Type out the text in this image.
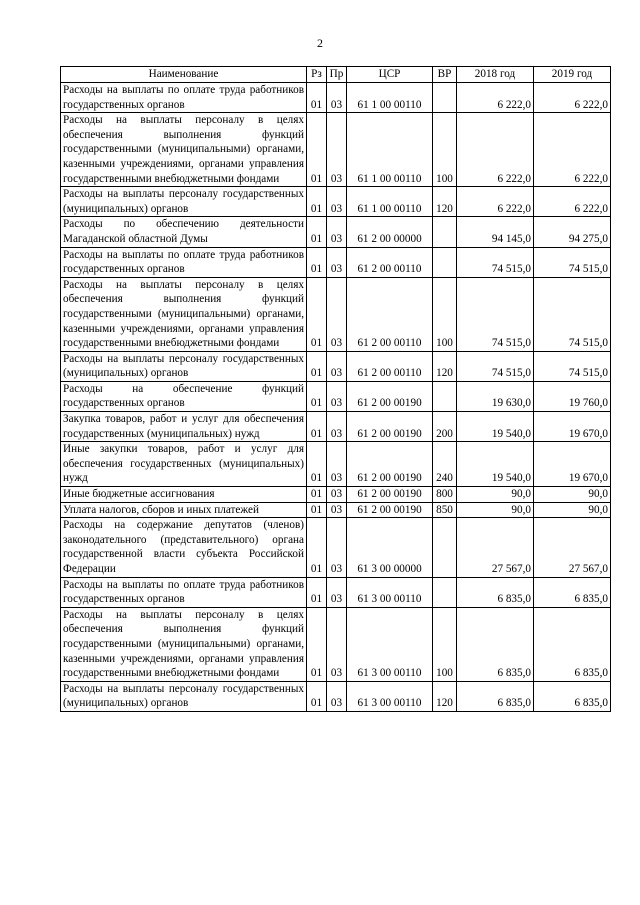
2
Наименование	Рз	Пр	ЦСР	ВР	2018 год	2019 год
Расходы на выплаты по оплате труда работников государственных органов	01	03	61 1 00 00110		6 222,0	6 222,0
Расходы на выплаты персоналу в целях обеспечения выполнения функций государственными (муниципальными) органами, казенными учреждениями, органами управления государственными внебюджетными фондами	01	03	61 1 00 00110	100	6 222,0	6 222,0
Расходы на выплаты персоналу государственных (муниципальных) органов	01	03	61 1 00 00110	120	6 222,0	6 222,0
Расходы по обеспечению деятельности Магаданской областной Думы	01	03	61 2 00 00000		94 145,0	94 275,0
Расходы на выплаты по оплате труда работников государственных органов	01	03	61 2 00 00110		74 515,0	74 515,0
Расходы на выплаты персоналу в целях обеспечения выполнения функций государственными (муниципальными) органами, казенными учреждениями, органами управления государственными внебюджетными фондами	01	03	61 2 00 00110	100	74 515,0	74 515,0
Расходы на выплаты персоналу государственных (муниципальных) органов	01	03	61 2 00 00110	120	74 515,0	74 515,0
Расходы на обеспечение функций государственных органов	01	03	61 2 00 00190		19 630,0	19 760,0
Закупка товаров, работ и услуг для обеспечения государственных (муниципальных) нужд	01	03	61 2 00 00190	200	19 540,0	19 670,0
Иные закупки товаров, работ и услуг для обеспечения государственных (муниципальных) нужд	01	03	61 2 00 00190	240	19 540,0	19 670,0
Иные бюджетные ассигнования	01	03	61 2 00 00190	800	90,0	90,0
Уплата налогов, сборов и иных платежей	01	03	61 2 00 00190	850	90,0	90,0
Расходы на содержание депутатов (членов) законодательного (представительного) органа государственной власти субъекта Российской Федерации	01	03	61 3 00 00000		27 567,0	27 567,0
Расходы на выплаты по оплате труда работников государственных органов	01	03	61 3 00 00110		6 835,0	6 835,0
Расходы на выплаты персоналу в целях обеспечения выполнения функций государственными (муниципальными) органами, казенными учреждениями, органами управления государственными внебюджетными фондами	01	03	61 3 00 00110	100	6 835,0	6 835,0
Расходы на выплаты персоналу государственных (муниципальных) органов	01	03	61 3 00 00110	120	6 835,0	6 835,0
